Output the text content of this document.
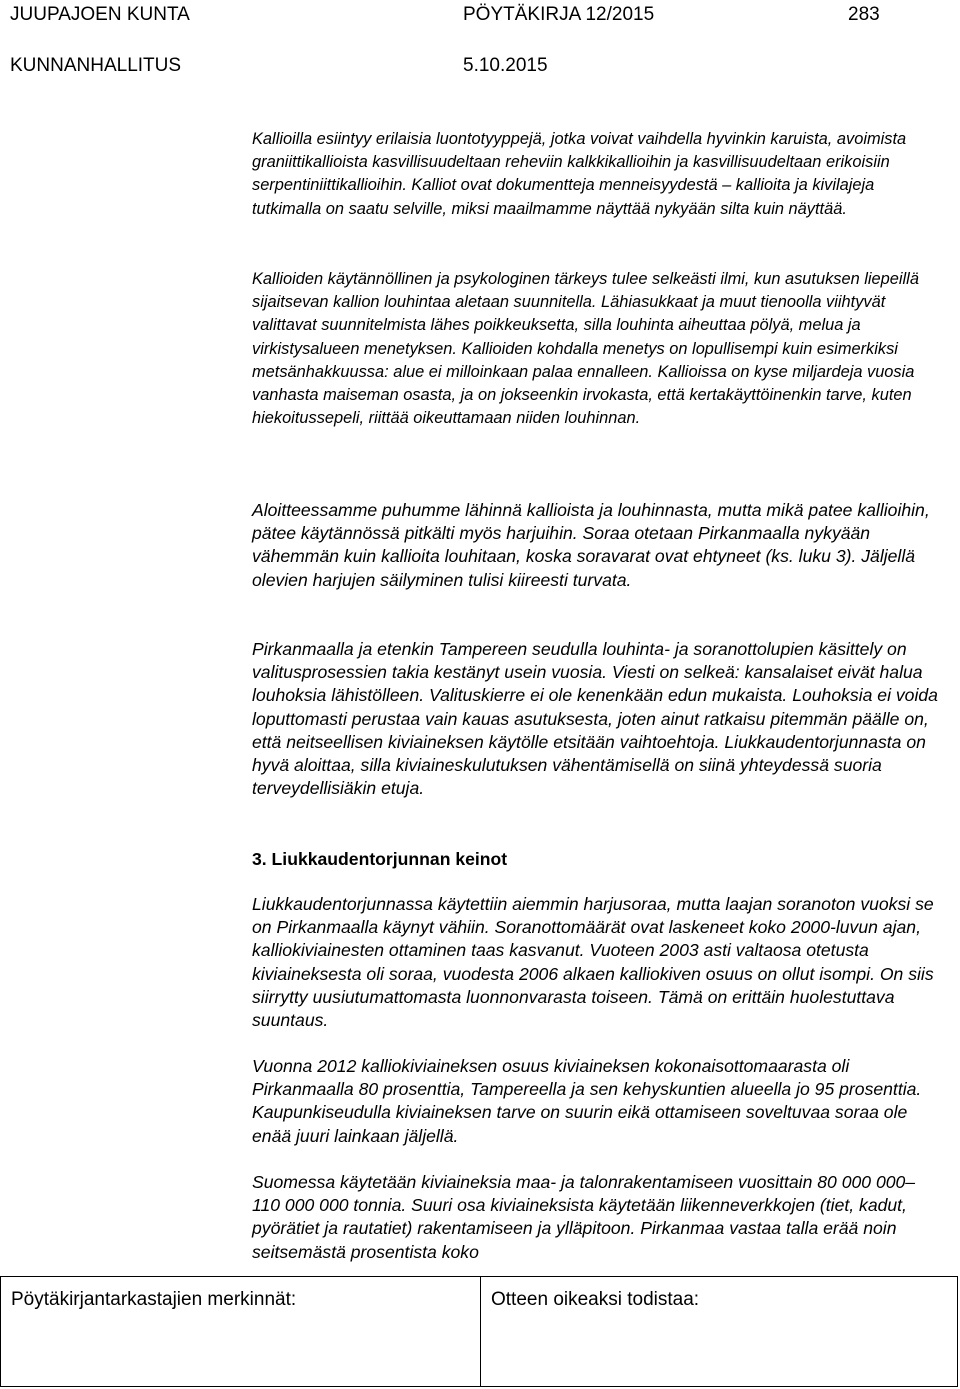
JUUPAJOEN KUNTA	PÖYTÄKIRJA 12/2015	283
KUNNANHALLITUS	5.10.2015

Kallioilla esiintyy erilaisia luontotyyppejä, jotka voivat vaihdella hyvinkin karuista, avoimista graniittikallioista kasvillisuudeltaan reheviin kalkkikallioihin ja kasvillisuudeltaan erikoisiin serpentiniittikallioihin. Kalliot ovat dokumentteja menneisyydestä – kallioita ja kivilajeja tutkimalla on saatu selville, miksi maailmamme näyttää nykyään silta kuin näyttää.

Kallioiden käytännöllinen ja psykologinen tärkeys tulee selkeästi ilmi, kun asutuksen liepeillä sijaitsevan kallion louhintaa aletaan suunnitella. Lähiasukkaat ja muut tienoolla viihtyvät valittavat suunnitelmista lähes poikkeuksetta, silla louhinta aiheuttaa pölyä, melua ja virkistysalueen menetyksen. Kallioiden kohdalla menetys on lopullisempi kuin esimerkiksi metsänhakkuussa: alue ei milloinkaan palaa ennalleen. Kallioissa on kyse miljardeja vuosia vanhasta maiseman osasta, ja on jokseenkin irvokasta, että kertakäyttöinenkin tarve, kuten hiekoitussepeli, riittää oikeuttamaan niiden louhinnan.

Aloitteessamme puhumme lähinnä kallioista ja louhinnasta, mutta mikä patee kallioihin, pätee käytännössä pitkälti myös harjuihin. Soraa otetaan Pirkanmaalla nykyään vähemmän kuin kallioita louhitaan, koska soravarat ovat ehtyneet (ks. luku 3). Jäljellä olevien harjujen säilyminen tulisi kiireesti turvata.

Pirkanmaalla ja etenkin Tampereen seudulla louhinta- ja soranottolupien käsittely on valitusprosessien takia kestänyt usein vuosia. Viesti on selkeä: kansalaiset eivät halua louhoksia lähistölleen. Valituskierre ei ole kenenkään edun mukaista. Louhoksia ei voida loputtomasti perustaa vain kauas asutuksesta, joten ainut ratkaisu pitemmän päälle on, että neitseellisen kiviaineksen käytölle etsitään vaihtoehtoja. Liukkaudentorjunnasta on hyvä aloittaa, silla kiviaineskulutuksen vähentämisellä on siinä yhteydessä suoria terveydellisiäkin etuja.

3. Liukkaudentorjunnan keinot

Liukkaudentorjunnassa käytettiin aiemmin harjusoraa, mutta laajan soranoton vuoksi se on Pirkanmaalla käynyt vähiin. Soranottomäärät ovat laskeneet koko 2000-luvun ajan, kalliokiviainesten ottaminen taas kasvanut. Vuoteen 2003 asti valtaosa otetusta kiviaineksesta oli soraa, vuodesta 2006 alkaen kalliokiven osuus on ollut isompi. On siis siirrytty uusiutumattomasta luonnonvarasta toiseen. Tämä on erittäin huolestuttava suuntaus.

Vuonna 2012 kalliokiviaineksen osuus kiviaineksen kokonaisottomaarasta oli Pirkanmaalla 80 prosenttia, Tampereella ja sen kehyskuntien alueella jo 95 prosenttia. Kaupunkiseudulla kiviaineksen tarve on suurin eikä ottamiseen soveltuvaa soraa ole enää juuri lainkaan jäljellä.

Suomessa käytetään kiviaineksia maa- ja talonrakentamiseen vuosittain 80 000 000–110 000 000 tonnia. Suuri osa kiviaineksista käytetään liikenneverkkojen (tiet, kadut, pyörätiet ja rautatiet) rakentamiseen ja ylläpitoon. Pirkanmaa vastaa talla erää noin seitsemästä prosentista koko

Pöytäkirjantarkastajien merkinnät:	Otteen oikeaksi todistaa:
